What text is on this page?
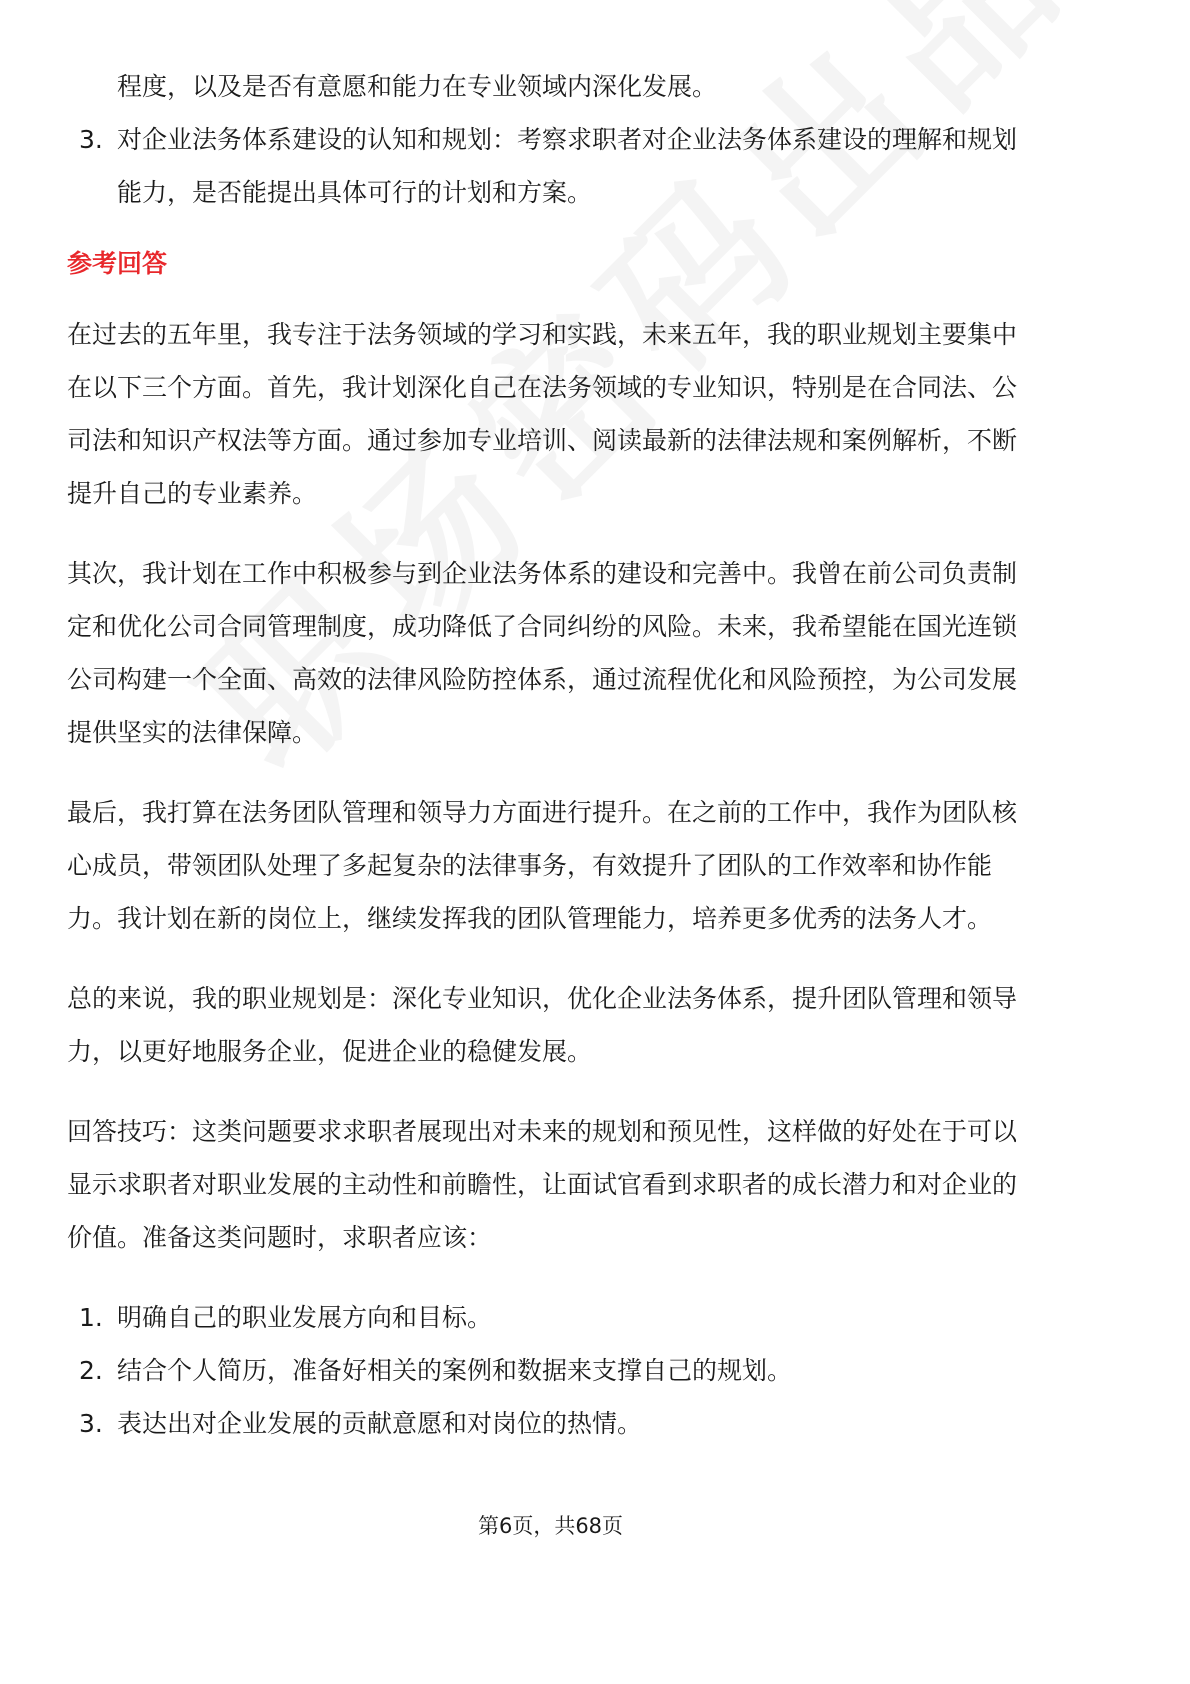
程度，以及是否有意愿和能力在专业领域内深化发展。
3. 对企业法务体系建设的认知和规划：考察求职者对企业法务体系建设的理解和规划能力，是否能提出具体可行的计划和方案。
参考回答

在过去的五年里，我专注于法务领域的学习和实践，未来五年，我的职业规划主要集中在以下三个方面。首先，我计划深化自己在法务领域的专业知识，特别是在合同法、公司法和知识产权法等方面。通过参加专业培训、阅读最新的法律法规和案例解析，不断提升自己的专业素养。

其次，我计划在工作中积极参与到企业法务体系的建设和完善中。我曾在前公司负责制定和优化公司合同管理制度，成功降低了合同纠纷的风险。未来，我希望能在国光连锁公司构建一个全面、高效的法律风险防控体系，通过流程优化和风险预控，为公司发展提供坚实的法律保障。

最后，我打算在法务团队管理和领导力方面进行提升。在之前的工作中，我作为团队核心成员，带领团队处理了多起复杂的法律事务，有效提升了团队的工作效率和协作能力。我计划在新的岗位上，继续发挥我的团队管理能力，培养更多优秀的法务人才。

总的来说，我的职业规划是：深化专业知识，优化企业法务体系，提升团队管理和领导力，以更好地服务企业，促进企业的稳健发展。

回答技巧：这类问题要求求职者展现出对未来的规划和预见性，这样做的好处在于可以显示求职者对职业发展的主动性和前瞻性，让面试官看到求职者的成长潜力和对企业的价值。准备这类问题时，求职者应该：

1. 明确自己的职业发展方向和目标。
2. 结合个人简历，准备好相关的案例和数据来支撑自己的规划。
3. 表达出对企业发展的贡献意愿和对岗位的热情。
第6页，共68页
